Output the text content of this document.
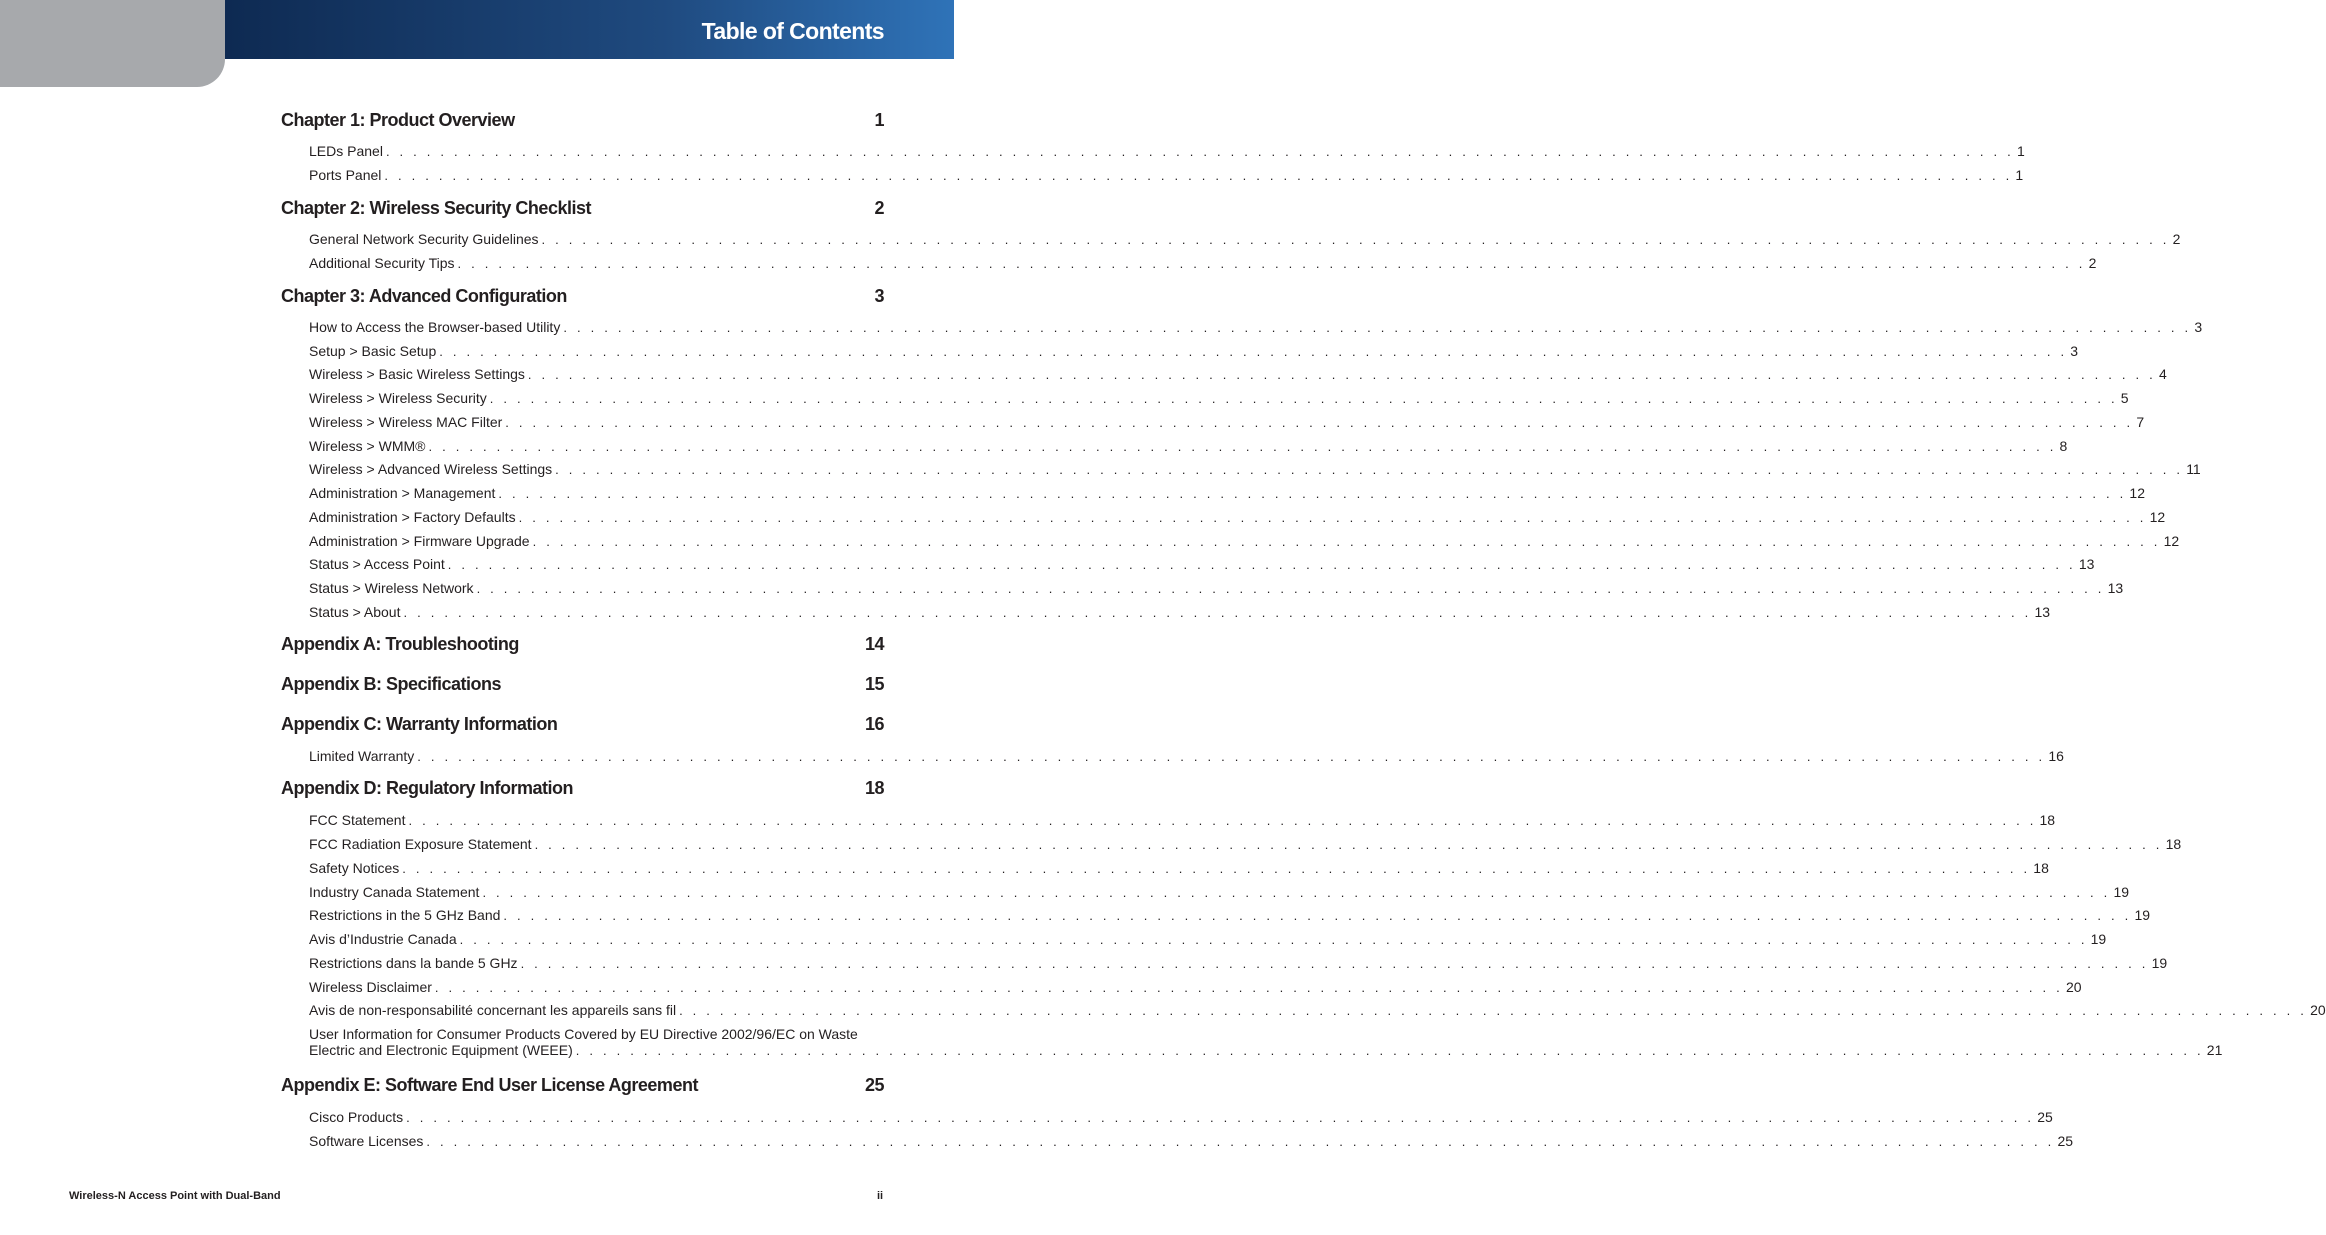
Table of Contents
Chapter 1: Product Overview	1
LEDs Panel . . . . . . . . . . . . . . . . . . . . . . . . . . . . . . . . . . . . . . . . . . . . . . . . . . . . . . . . . . . . . . . . . . . . . . . . . . . . . . . . . . . . . . . . . . . . . . . . . . . . . . . . . . . . . . . . . . . . . . . . 1
Ports Panel . . . . . . . . . . . . . . . . . . . . . . . . . . . . . . . . . . . . . . . . . . . . . . . . . . . . . . . . . . . . . . . . . . . . . . . . . . . . . . . . . . . . . . . . . . . . . . . . . . . . . . . . . . . . . . . . . . . . . . . . 1
Chapter 2: Wireless Security Checklist	2
General Network Security Guidelines . . . . . . . . . . . . . . . . . . . . . . . . . . . . . . . . . . . . . . . . . . . . . . . . . . . . . . . . . . . . . . . . . . . . . . . . . . . . . . . . . . . . . . . . . . . . . . . . . . . . . . . . . . . . . . . . . . . . . . . . 2
Additional Security Tips . . . . . . . . . . . . . . . . . . . . . . . . . . . . . . . . . . . . . . . . . . . . . . . . . . . . . . . . . . . . . . . . . . . . . . . . . . . . . . . . . . . . . . . . . . . . . . . . . . . . . . . . . . . . . . . . . . . . . . . . 2
Chapter 3: Advanced Configuration	3
How to Access the Browser-based Utility . . . . . . . . . . . . . . . . . . . . . . . . . . . . . . . . . . . . . . . . . . . . . . . . . . . . . . . . . . . . . . . . . . . . . . . . . . . . . . . . . . . . . . . . . . . . . . . . . . . . . . . . . . . . . . . . . . . . . . . . 3
Setup > Basic Setup . . . . . . . . . . . . . . . . . . . . . . . . . . . . . . . . . . . . . . . . . . . . . . . . . . . . . . . . . . . . . . . . . . . . . . . . . . . . . . . . . . . . . . . . . . . . . . . . . . . . . . . . . . . . . . . . . . . . . . . . 3
Wireless > Basic Wireless Settings . . . . . . . . . . . . . . . . . . . . . . . . . . . . . . . . . . . . . . . . . . . . . . . . . . . . . . . . . . . . . . . . . . . . . . . . . . . . . . . . . . . . . . . . . . . . . . . . . . . . . . . . . . . . . . . . . . . . . . . . 4
Wireless > Wireless Security . . . . . . . . . . . . . . . . . . . . . . . . . . . . . . . . . . . . . . . . . . . . . . . . . . . . . . . . . . . . . . . . . . . . . . . . . . . . . . . . . . . . . . . . . . . . . . . . . . . . . . . . . . . . . . . . . . . . . . . . 5
Wireless > Wireless MAC Filter . . . . . . . . . . . . . . . . . . . . . . . . . . . . . . . . . . . . . . . . . . . . . . . . . . . . . . . . . . . . . . . . . . . . . . . . . . . . . . . . . . . . . . . . . . . . . . . . . . . . . . . . . . . . . . . . . . . . . . . . 7
Wireless > WMM® . . . . . . . . . . . . . . . . . . . . . . . . . . . . . . . . . . . . . . . . . . . . . . . . . . . . . . . . . . . . . . . . . . . . . . . . . . . . . . . . . . . . . . . . . . . . . . . . . . . . . . . . . . . . . . . . . . . . . . . . 8
Wireless > Advanced Wireless Settings . . . . . . . . . . . . . . . . . . . . . . . . . . . . . . . . . . . . . . . . . . . . . . . . . . . . . . . . . . . . . . . . . . . . . . . . . . . . . . . . . . . . . . . . . . . . . . . . . . . . . . . . . . . . . . . . . . . . . . . . 11
Administration > Management . . . . . . . . . . . . . . . . . . . . . . . . . . . . . . . . . . . . . . . . . . . . . . . . . . . . . . . . . . . . . . . . . . . . . . . . . . . . . . . . . . . . . . . . . . . . . . . . . . . . . . . . . . . . . . . . . . . . . . . . 12
Administration > Factory Defaults . . . . . . . . . . . . . . . . . . . . . . . . . . . . . . . . . . . . . . . . . . . . . . . . . . . . . . . . . . . . . . . . . . . . . . . . . . . . . . . . . . . . . . . . . . . . . . . . . . . . . . . . . . . . . . . . . . . . . . . . 12
Administration > Firmware Upgrade . . . . . . . . . . . . . . . . . . . . . . . . . . . . . . . . . . . . . . . . . . . . . . . . . . . . . . . . . . . . . . . . . . . . . . . . . . . . . . . . . . . . . . . . . . . . . . . . . . . . . . . . . . . . . . . . . . . . . . . . 12
Status > Access Point . . . . . . . . . . . . . . . . . . . . . . . . . . . . . . . . . . . . . . . . . . . . . . . . . . . . . . . . . . . . . . . . . . . . . . . . . . . . . . . . . . . . . . . . . . . . . . . . . . . . . . . . . . . . . . . . . . . . . . . . 13
Status > Wireless Network . . . . . . . . . . . . . . . . . . . . . . . . . . . . . . . . . . . . . . . . . . . . . . . . . . . . . . . . . . . . . . . . . . . . . . . . . . . . . . . . . . . . . . . . . . . . . . . . . . . . . . . . . . . . . . . . . . . . . . . . 13
Status > About . . . . . . . . . . . . . . . . . . . . . . . . . . . . . . . . . . . . . . . . . . . . . . . . . . . . . . . . . . . . . . . . . . . . . . . . . . . . . . . . . . . . . . . . . . . . . . . . . . . . . . . . . . . . . . . . . . . . . . . . 13
Appendix A: Troubleshooting	14
Appendix B: Specifications	15
Appendix C: Warranty Information	16
Limited Warranty . . . . . . . . . . . . . . . . . . . . . . . . . . . . . . . . . . . . . . . . . . . . . . . . . . . . . . . . . . . . . . . . . . . . . . . . . . . . . . . . . . . . . . . . . . . . . . . . . . . . . . . . . . . . . . . . . . . . . . . . 16
Appendix D: Regulatory Information	18
FCC Statement . . . . . . . . . . . . . . . . . . . . . . . . . . . . . . . . . . . . . . . . . . . . . . . . . . . . . . . . . . . . . . . . . . . . . . . . . . . . . . . . . . . . . . . . . . . . . . . . . . . . . . . . . . . . . . . . . . . . . . . . 18
FCC Radiation Exposure Statement . . . . . . . . . . . . . . . . . . . . . . . . . . . . . . . . . . . . . . . . . . . . . . . . . . . . . . . . . . . . . . . . . . . . . . . . . . . . . . . . . . . . . . . . . . . . . . . . . . . . . . . . . . . . . . . . . . . . . . . . 18
Safety Notices . . . . . . . . . . . . . . . . . . . . . . . . . . . . . . . . . . . . . . . . . . . . . . . . . . . . . . . . . . . . . . . . . . . . . . . . . . . . . . . . . . . . . . . . . . . . . . . . . . . . . . . . . . . . . . . . . . . . . . . . 18
Industry Canada Statement . . . . . . . . . . . . . . . . . . . . . . . . . . . . . . . . . . . . . . . . . . . . . . . . . . . . . . . . . . . . . . . . . . . . . . . . . . . . . . . . . . . . . . . . . . . . . . . . . . . . . . . . . . . . . . . . . . . . . . . . 19
Restrictions in the 5 GHz Band . . . . . . . . . . . . . . . . . . . . . . . . . . . . . . . . . . . . . . . . . . . . . . . . . . . . . . . . . . . . . . . . . . . . . . . . . . . . . . . . . . . . . . . . . . . . . . . . . . . . . . . . . . . . . . . . . . . . . . . . 19
Avis d’Industrie Canada . . . . . . . . . . . . . . . . . . . . . . . . . . . . . . . . . . . . . . . . . . . . . . . . . . . . . . . . . . . . . . . . . . . . . . . . . . . . . . . . . . . . . . . . . . . . . . . . . . . . . . . . . . . . . . . . . . . . . . . . 19
Restrictions dans la bande 5 GHz . . . . . . . . . . . . . . . . . . . . . . . . . . . . . . . . . . . . . . . . . . . . . . . . . . . . . . . . . . . . . . . . . . . . . . . . . . . . . . . . . . . . . . . . . . . . . . . . . . . . . . . . . . . . . . . . . . . . . . . . 19
Wireless Disclaimer . . . . . . . . . . . . . . . . . . . . . . . . . . . . . . . . . . . . . . . . . . . . . . . . . . . . . . . . . . . . . . . . . . . . . . . . . . . . . . . . . . . . . . . . . . . . . . . . . . . . . . . . . . . . . . . . . . . . . . . . 20
Avis de non-responsabilité concernant les appareils sans fil . . . . . . . . . . . . . . . . . . . . . . . . . . . . . . . . . . . . . . . . . . . . . . . . . . . . . . . . . . . . . . . . . . . . . . . . . . . . . . . . . . . . . . . . . . . . . . . . . . . . . . . . . . . . . . . . . . . . . . . . 20
User Information for Consumer Products Covered by EU Directive 2002/96/EC on Waste
Electric and Electronic Equipment (WEEE) . . . . . . . . . . . . . . . . . . . . . . . . . . . . . . . . . . . . . . . . . . . . . . . . . . . . . . . . . . . . . . . . . . . . . . . . . . . . . . . . . . . . . . . . . . . . . . . . . . . . . . . . . . . . . . . . . . . . . . . . 21
Appendix E: Software End User License Agreement	25
Cisco Products . . . . . . . . . . . . . . . . . . . . . . . . . . . . . . . . . . . . . . . . . . . . . . . . . . . . . . . . . . . . . . . . . . . . . . . . . . . . . . . . . . . . . . . . . . . . . . . . . . . . . . . . . . . . . . . . . . . . . . . . 25
Software Licenses . . . . . . . . . . . . . . . . . . . . . . . . . . . . . . . . . . . . . . . . . . . . . . . . . . . . . . . . . . . . . . . . . . . . . . . . . . . . . . . . . . . . . . . . . . . . . . . . . . . . . . . . . . . . . . . . . . . . . . . . 25
Wireless-N Access Point with Dual-Band	ii
